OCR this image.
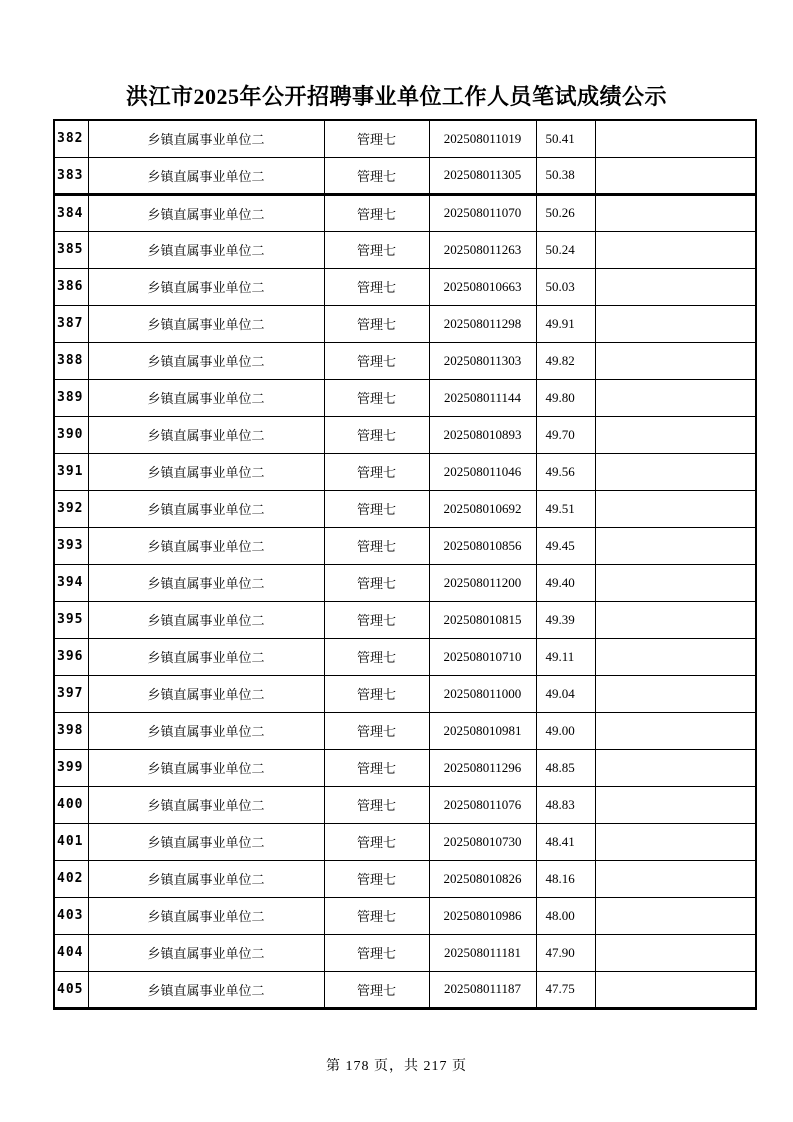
洪江市2025年公开招聘事业单位工作人员笔试成绩公示
382	乡镇直属事业单位二	管理七	202508011019	50.41	
383	乡镇直属事业单位二	管理七	202508011305	50.38	
384	乡镇直属事业单位二	管理七	202508011070	50.26	
385	乡镇直属事业单位二	管理七	202508011263	50.24	
386	乡镇直属事业单位二	管理七	202508010663	50.03	
387	乡镇直属事业单位二	管理七	202508011298	49.91	
388	乡镇直属事业单位二	管理七	202508011303	49.82	
389	乡镇直属事业单位二	管理七	202508011144	49.80	
390	乡镇直属事业单位二	管理七	202508010893	49.70	
391	乡镇直属事业单位二	管理七	202508011046	49.56	
392	乡镇直属事业单位二	管理七	202508010692	49.51	
393	乡镇直属事业单位二	管理七	202508010856	49.45	
394	乡镇直属事业单位二	管理七	202508011200	49.40	
395	乡镇直属事业单位二	管理七	202508010815	49.39	
396	乡镇直属事业单位二	管理七	202508010710	49.11	
397	乡镇直属事业单位二	管理七	202508011000	49.04	
398	乡镇直属事业单位二	管理七	202508010981	49.00	
399	乡镇直属事业单位二	管理七	202508011296	48.85	
400	乡镇直属事业单位二	管理七	202508011076	48.83	
401	乡镇直属事业单位二	管理七	202508010730	48.41	
402	乡镇直属事业单位二	管理七	202508010826	48.16	
403	乡镇直属事业单位二	管理七	202508010986	48.00	
404	乡镇直属事业单位二	管理七	202508011181	47.90	
405	乡镇直属事业单位二	管理七	202508011187	47.75	
第 178 页，共 217 页
